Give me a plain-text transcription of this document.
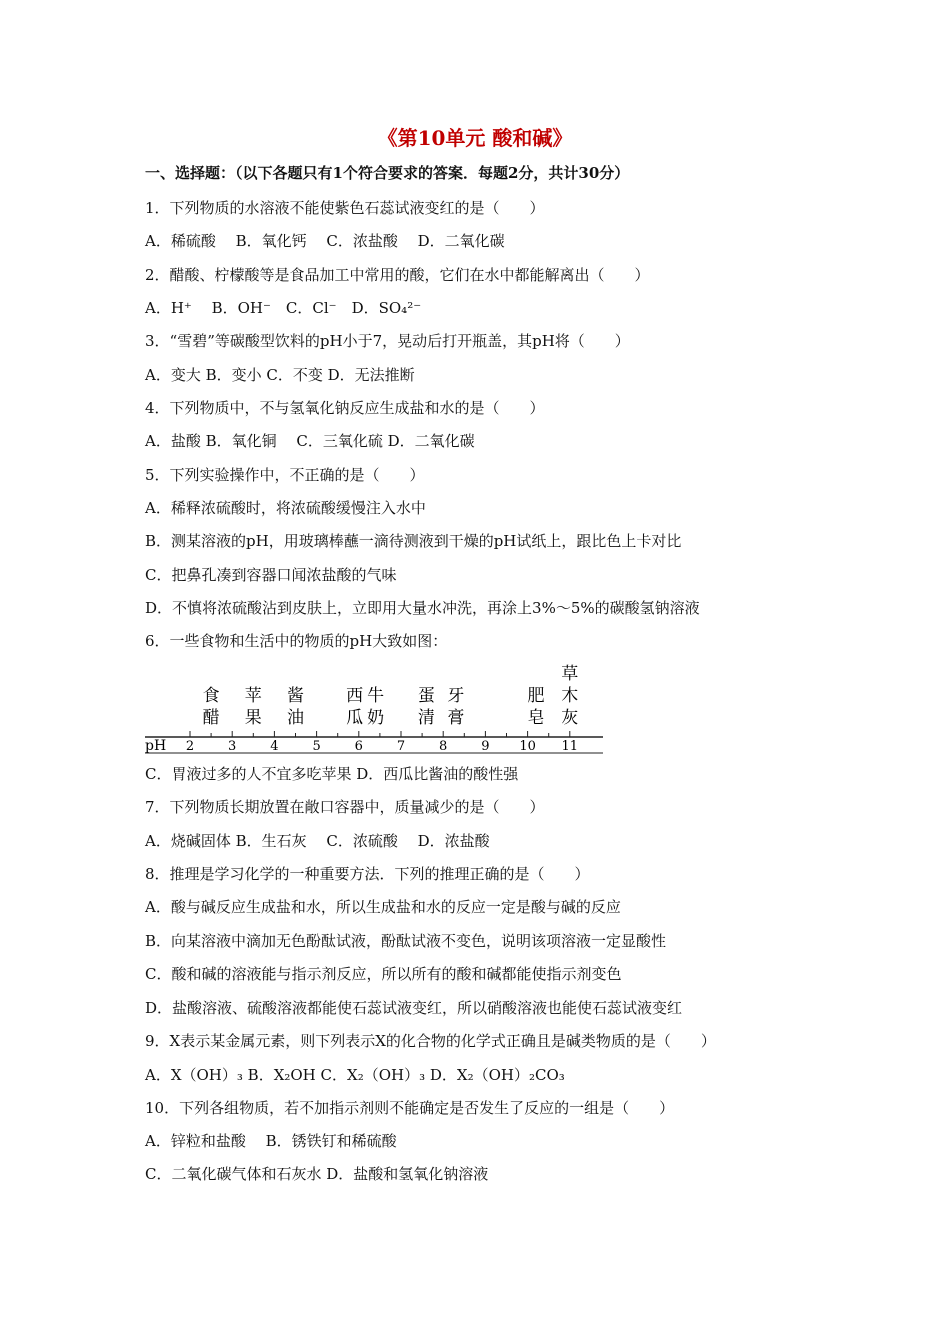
《第10单元 酸和碱》
一、选择题：（以下各题只有1个符合要求的答案．每题2分，共计30分）
1．下列物质的水溶液不能使紫色石蕊试液变红的是（　　）
A．稀硫酸　 B．氧化钙　 C．浓盐酸　 D．二氧化碳
2．醋酸、柠檬酸等是食品加工中常用的酸，它们在水中都能解离出（　　）
A．H⁺　 B．OH⁻　C．Cl⁻　D．SO₄²⁻
3．“雪碧”等碳酸型饮料的pH小于7，晃动后打开瓶盖，其pH将（　　）
A．变大 B．变小 C．不变 D．无法推断
4．下列物质中，不与氢氧化钠反应生成盐和水的是（　　）
A．盐酸 B．氧化铜　 C．三氧化硫 D．二氧化碳
5．下列实验操作中，不正确的是（　　）
A．稀释浓硫酸时，将浓硫酸缓慢注入水中
B．测某溶液的pH，用玻璃棒蘸一滴待测液到干燥的pH试纸上，跟比色上卡对比
C．把鼻孔凑到容器口闻浓盐酸的气味
D．不慎将浓硫酸沾到皮肤上，立即用大量水冲洗，再涂上3%～5%的碳酸氢钠溶液
6．一些食物和生活中的物质的pH大致如图：
C．胃液过多的人不宜多吃苹果 D．西瓜比酱油的酸性强
7．下列物质长期放置在敞口容器中，质量减少的是（　　）
A．烧碱固体 B．生石灰　 C．浓硫酸　 D．浓盐酸
8．推理是学习化学的一种重要方法．下列的推理正确的是（　　）
A．酸与碱反应生成盐和水，所以生成盐和水的反应一定是酸与碱的反应
B．向某溶液中滴加无色酚酞试液，酚酞试液不变色，说明该项溶液一定显酸性
C．酸和碱的溶液能与指示剂反应，所以所有的酸和碱都能使指示剂变色
D．盐酸溶液、硫酸溶液都能使石蕊试液变红，所以硝酸溶液也能使石蕊试液变红
9．X表示某金属元素，则下列表示X的化合物的化学式正确且是碱类物质的是（　　）
A．X（OH）₃ B．X₂OH C．X₂（OH）₃ D．X₂（OH）₂CO₃
10．下列各组物质，若不加指示剂则不能确定是否发生了反应的一组是（　　）
A．锌粒和盐酸　 B．锈铁钉和稀硫酸
C．二氧化碳气体和石灰水 D．盐酸和氢氧化钠溶液
pH 2	3	4	5	6	7	8	9 10 11
食
醋
苹
果
酱
油
西
瓜
牛
奶
蛋
清
牙
膏
肥
皂
草
木
灰
